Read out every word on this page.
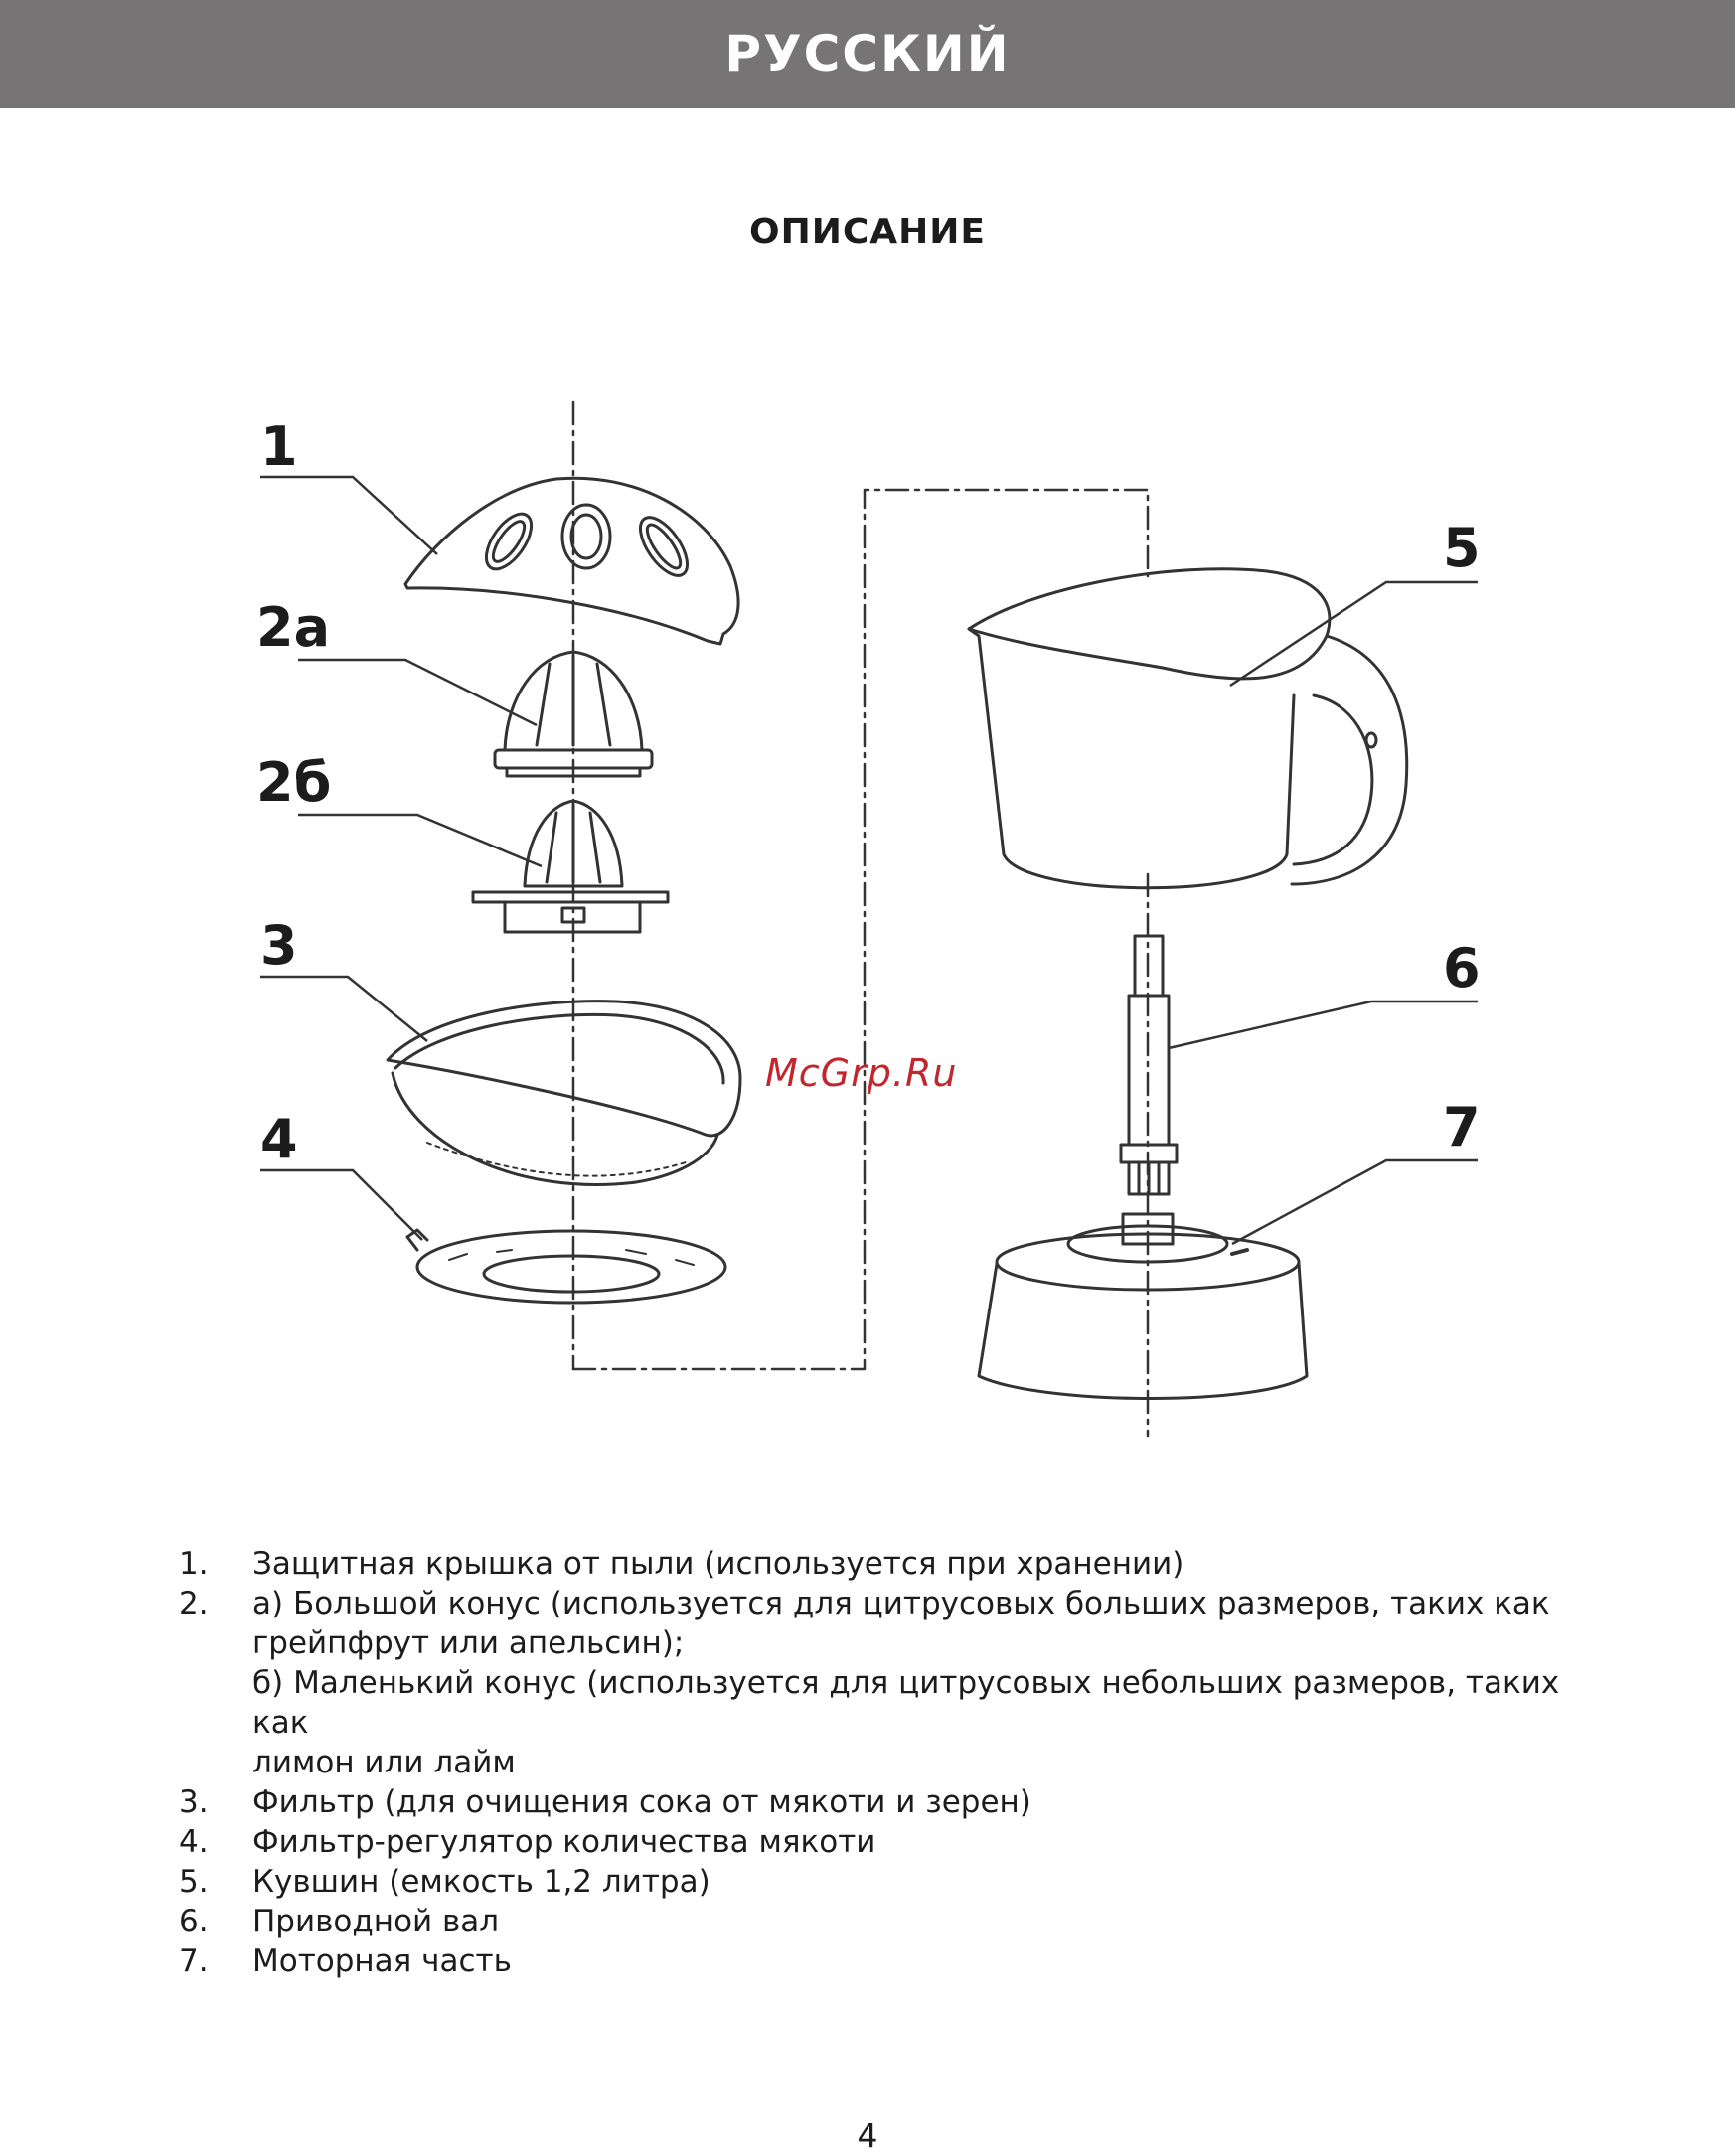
РУССКИЙ
ОПИСАНИЕ
1
2a
2б
3
4
5
6
7
McGrp.Ru
1. Защитная крышка от пыли (используется при хранении)
2. а) Большой конус (используется для цитрусовых больших размеров, таких как
грейпфрут или апельсин);
б) Маленький конус (используется для цитрусовых небольших размеров, таких как
лимон или лайм
3. Фильтр (для очищения сока от мякоти и зерен)
4. Фильтр-регулятор количества мякоти
5. Кувшин (емкость 1,2 литра)
6. Приводной вал
7. Моторная часть
4
